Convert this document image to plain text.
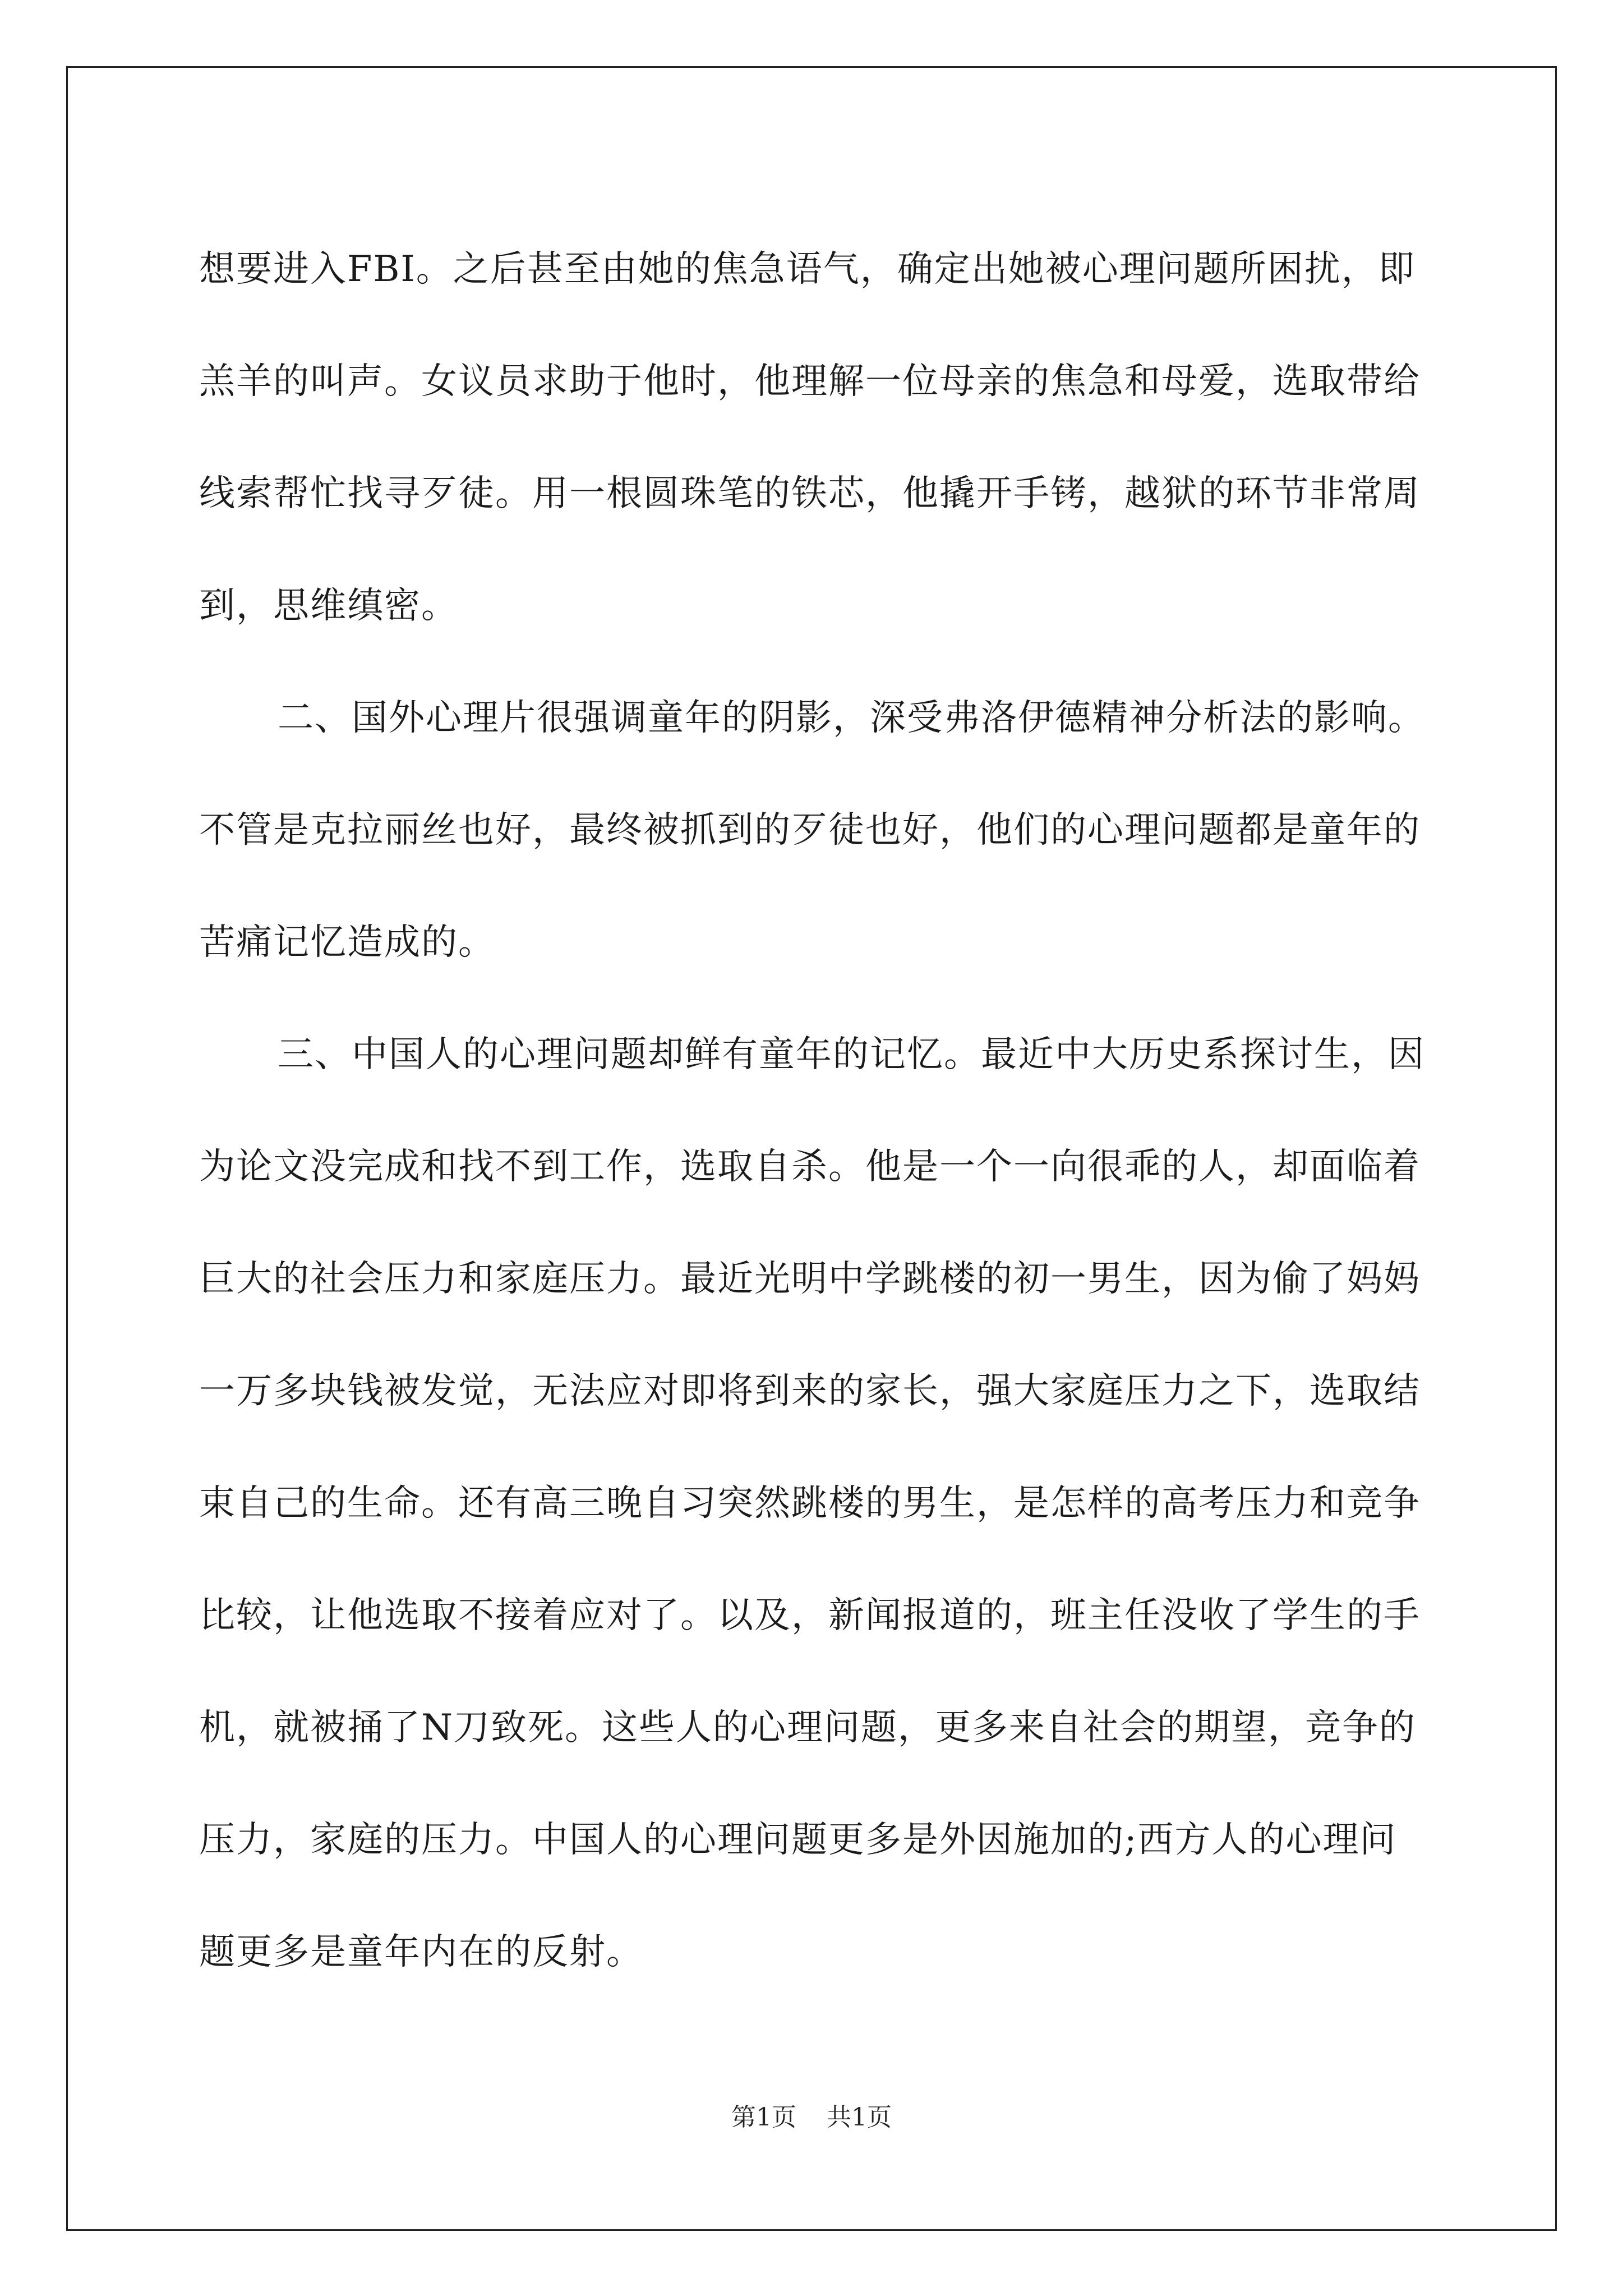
想要进入FBI。之后甚至由她的焦急语气，确定出她被心理问题所困扰，即羔羊的叫声。女议员求助于他时，他理解一位母亲的焦急和母爱，选取带给线索帮忙找寻歹徒。用一根圆珠笔的铁芯，他撬开手铐，越狱的环节非常周到，思维缜密。

二、国外心理片很强调童年的阴影，深受弗洛伊德精神分析法的影响。不管是克拉丽丝也好，最终被抓到的歹徒也好，他们的心理问题都是童年的苦痛记忆造成的。

三、中国人的心理问题却鲜有童年的记忆。最近中大历史系探讨生，因为论文没完成和找不到工作，选取自杀。他是一个一向很乖的人，却面临着巨大的社会压力和家庭压力。最近光明中学跳楼的初一男生，因为偷了妈妈一万多块钱被发觉，无法应对即将到来的家长，强大家庭压力之下，选取结束自己的生命。还有高三晚自习突然跳楼的男生，是怎样的高考压力和竞争比较，让他选取不接着应对了。以及，新闻报道的，班主任没收了学生的手机，就被捅了N刀致死。这些人的心理问题，更多来自社会的期望，竞争的压力，家庭的压力。中国人的心理问题更多是外因施加的;西方人的心理问题更多是童年内在的反射。

第1页 共1页
